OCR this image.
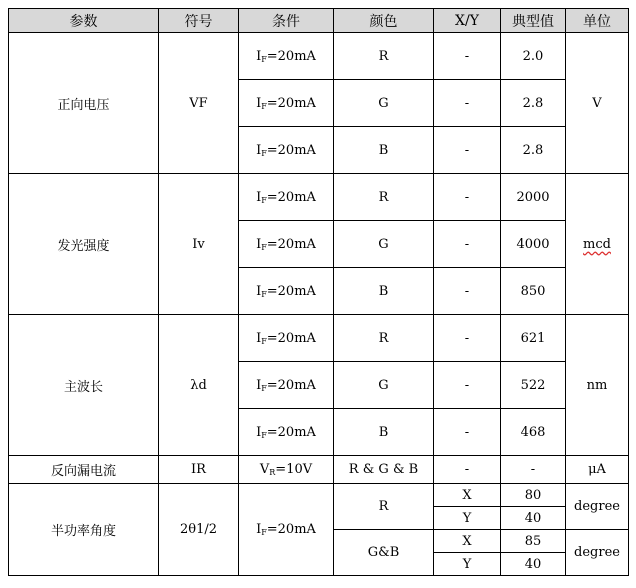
参数	符号	条件	颜色	X/Y	典型值	单位
正向电压	VF	$I_F=20mA$	R	-	2.0	V
		$I_F=20mA$	G	-	2.8	
		$I_F=20mA$	B	-	2.8	
发光强度	Iv	$I_F=20mA$	R	-	2000	mcd
		$I_F=20mA$	G	-	4000	
		$I_F=20mA$	B	-	850	
主波长	λd	$I_F=20mA$	R	-	621	nm
		$I_F=20mA$	G	-	522	
		$I_F=20mA$	B	-	468	
反向漏电流	IR	$V_R=10V$	R & G & B	-	-	μA
半功率角度	2θ1/2	$I_F=20mA$	R	X	80	degree
				Y	40	
			G&B	X	85	degree
				Y	40	
